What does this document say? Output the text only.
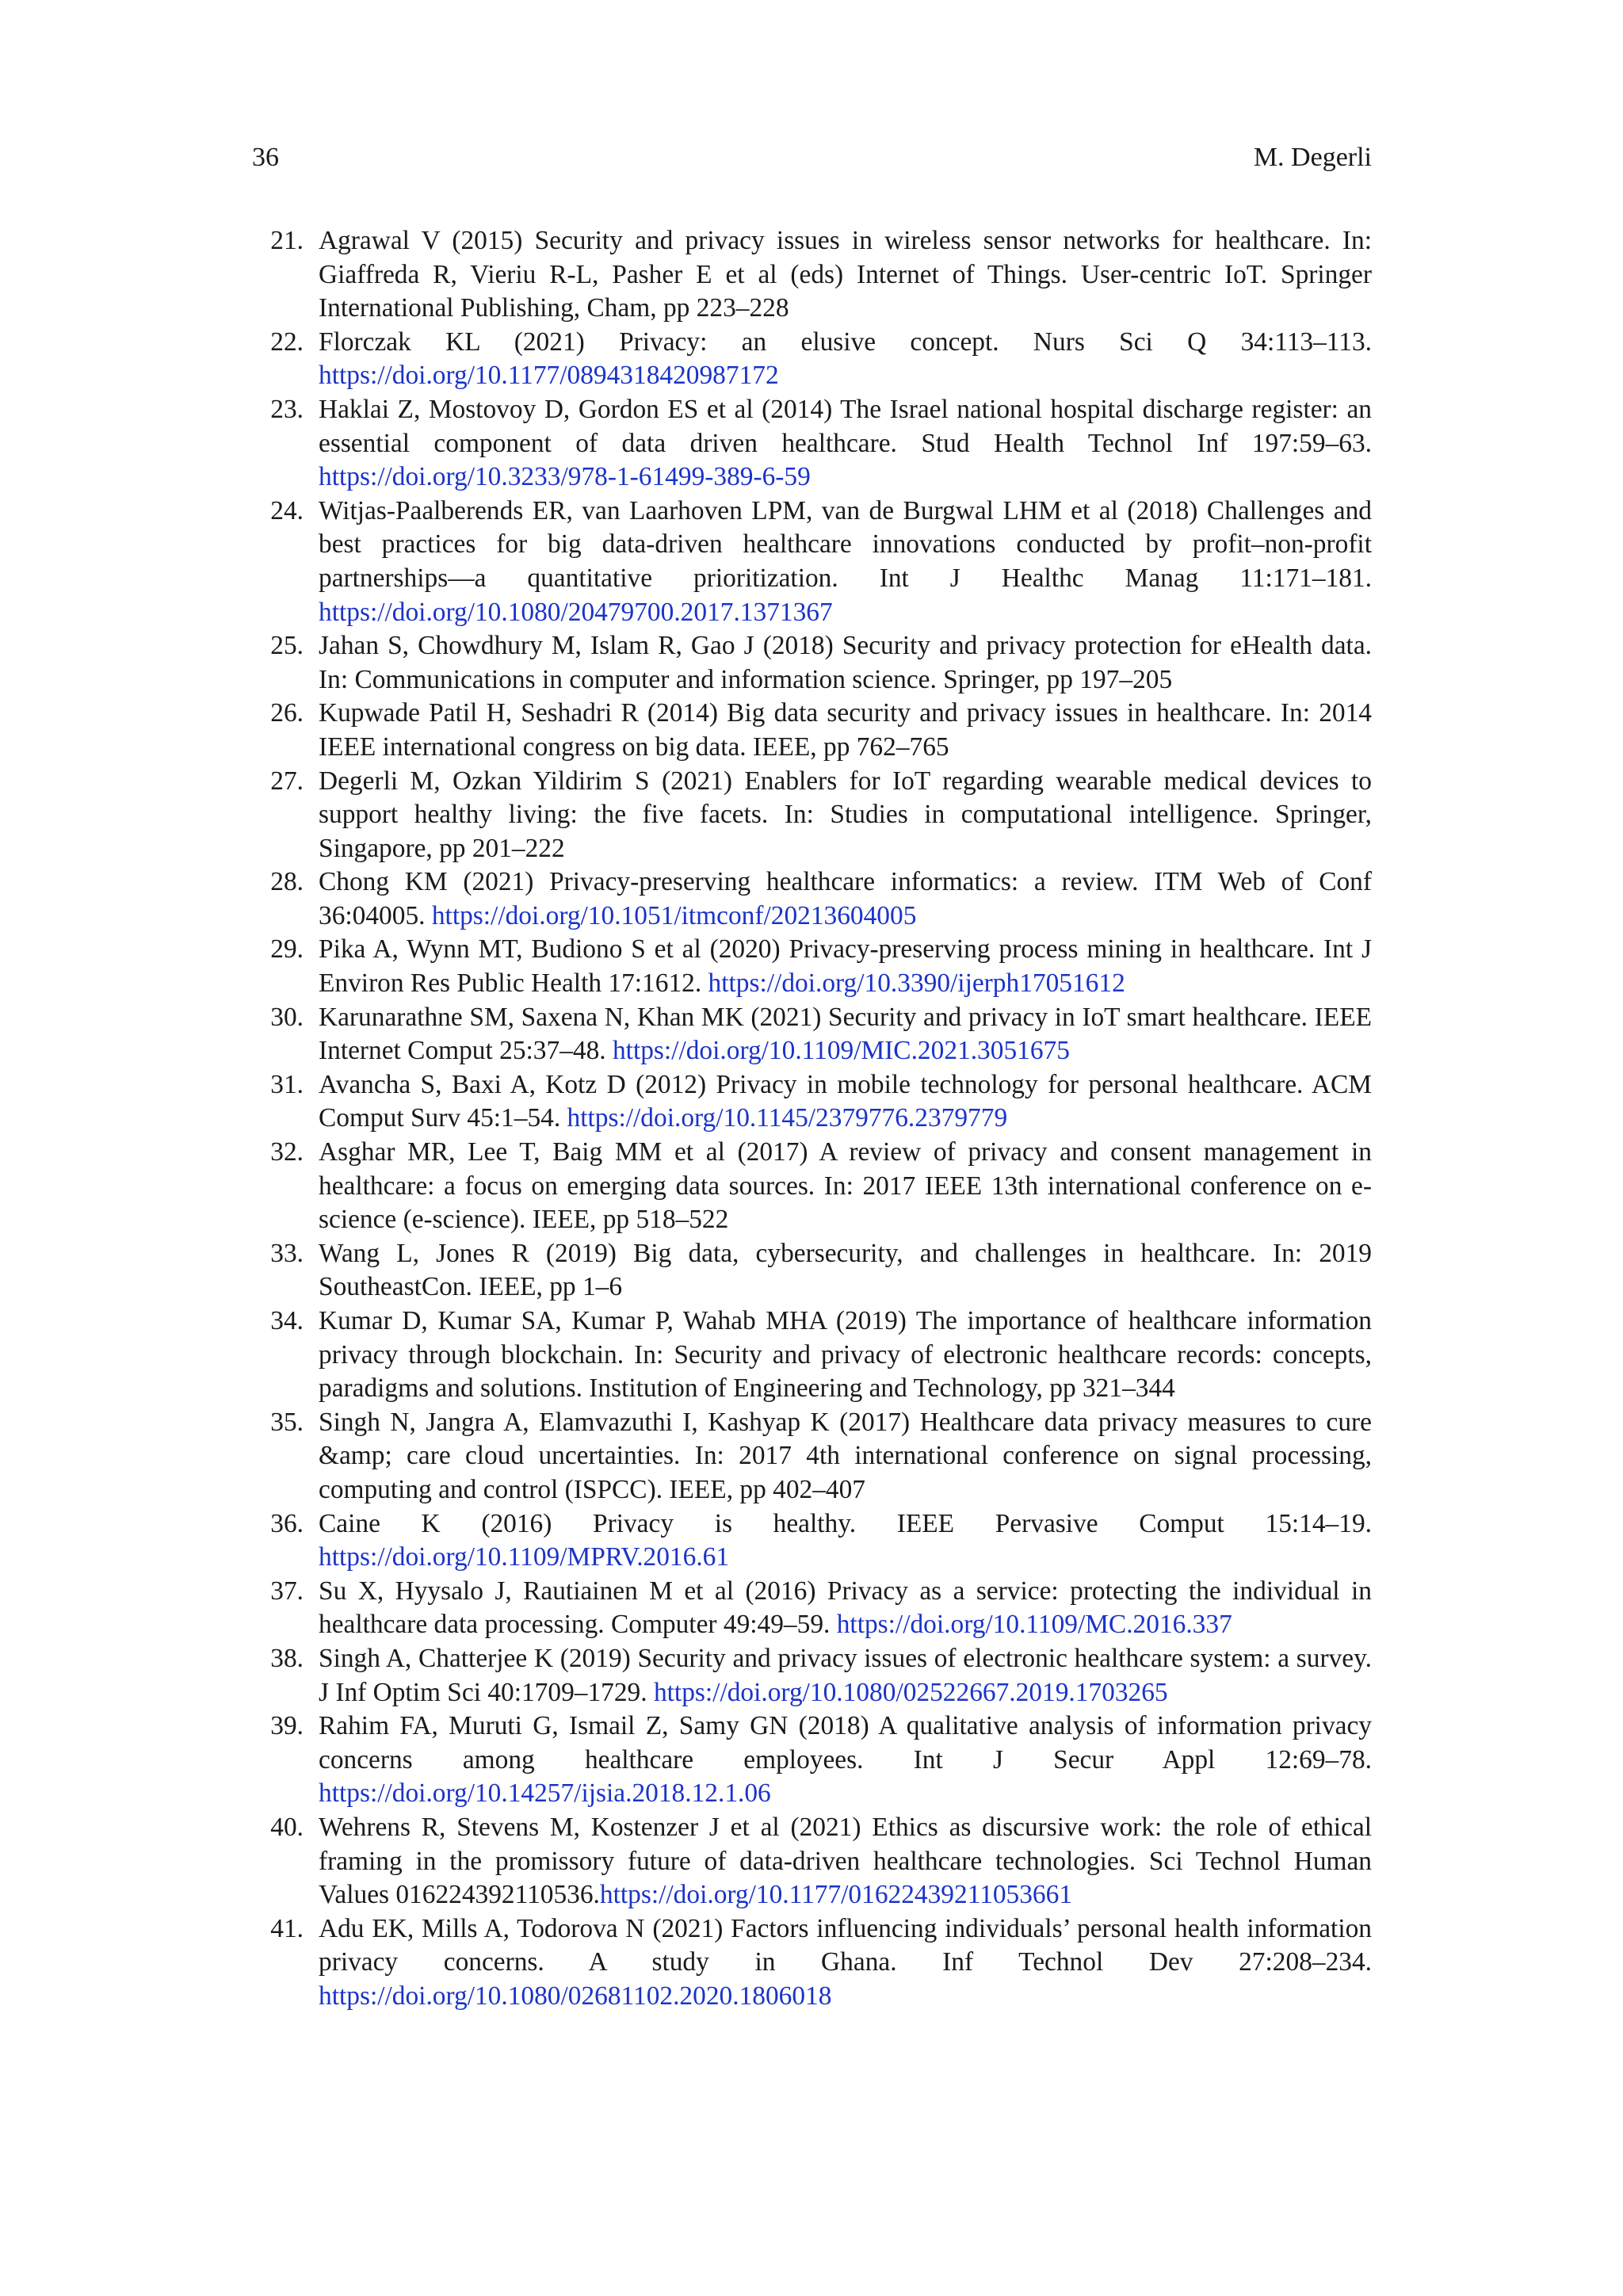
36	M. Degerli
21. Agrawal V (2015) Security and privacy issues in wireless sensor networks for healthcare. In: Giaffreda R, Vieriu R-L, Pasher E et al (eds) Internet of Things. User-centric IoT. Springer International Publishing, Cham, pp 223–228
22. Florczak KL (2021) Privacy: an elusive concept. Nurs Sci Q 34:113–113. https://doi.org/10.1177/0894318420987172
23. Haklai Z, Mostovoy D, Gordon ES et al (2014) The Israel national hospital discharge register: an essential component of data driven healthcare. Stud Health Technol Inf 197:59–63. https://doi.org/10.3233/978-1-61499-389-6-59
24. Witjas-Paalberends ER, van Laarhoven LPM, van de Burgwal LHM et al (2018) Challenges and best practices for big data-driven healthcare innovations conducted by profit–non-profit partnerships—a quantitative prioritization. Int J Healthc Manag 11:171–181. https://doi.org/10.1080/20479700.2017.1371367
25. Jahan S, Chowdhury M, Islam R, Gao J (2018) Security and privacy protection for eHealth data. In: Communications in computer and information science. Springer, pp 197–205
26. Kupwade Patil H, Seshadri R (2014) Big data security and privacy issues in healthcare. In: 2014 IEEE international congress on big data. IEEE, pp 762–765
27. Degerli M, Ozkan Yildirim S (2021) Enablers for IoT regarding wearable medical devices to support healthy living: the five facets. In: Studies in computational intelligence. Springer, Singapore, pp 201–222
28. Chong KM (2021) Privacy-preserving healthcare informatics: a review. ITM Web of Conf 36:04005. https://doi.org/10.1051/itmconf/20213604005
29. Pika A, Wynn MT, Budiono S et al (2020) Privacy-preserving process mining in healthcare. Int J Environ Res Public Health 17:1612. https://doi.org/10.3390/ijerph17051612
30. Karunarathne SM, Saxena N, Khan MK (2021) Security and privacy in IoT smart healthcare. IEEE Internet Comput 25:37–48. https://doi.org/10.1109/MIC.2021.3051675
31. Avancha S, Baxi A, Kotz D (2012) Privacy in mobile technology for personal healthcare. ACM Comput Surv 45:1–54. https://doi.org/10.1145/2379776.2379779
32. Asghar MR, Lee T, Baig MM et al (2017) A review of privacy and consent management in healthcare: a focus on emerging data sources. In: 2017 IEEE 13th international conference on e-science (e-science). IEEE, pp 518–522
33. Wang L, Jones R (2019) Big data, cybersecurity, and challenges in healthcare. In: 2019 SoutheastCon. IEEE, pp 1–6
34. Kumar D, Kumar SA, Kumar P, Wahab MHA (2019) The importance of healthcare information privacy through blockchain. In: Security and privacy of electronic healthcare records: concepts, paradigms and solutions. Institution of Engineering and Technology, pp 321–344
35. Singh N, Jangra A, Elamvazuthi I, Kashyap K (2017) Healthcare data privacy measures to cure &amp; care cloud uncertainties. In: 2017 4th international conference on signal processing, computing and control (ISPCC). IEEE, pp 402–407
36. Caine K (2016) Privacy is healthy. IEEE Pervasive Comput 15:14–19. https://doi.org/10.1109/MPRV.2016.61
37. Su X, Hyysalo J, Rautiainen M et al (2016) Privacy as a service: protecting the individual in healthcare data processing. Computer 49:49–59. https://doi.org/10.1109/MC.2016.337
38. Singh A, Chatterjee K (2019) Security and privacy issues of electronic healthcare system: a survey. J Inf Optim Sci 40:1709–1729. https://doi.org/10.1080/02522667.2019.1703265
39. Rahim FA, Muruti G, Ismail Z, Samy GN (2018) A qualitative analysis of information privacy concerns among healthcare employees. Int J Secur Appl 12:69–78. https://doi.org/10.14257/ijsia.2018.12.1.06
40. Wehrens R, Stevens M, Kostenzer J et al (2021) Ethics as discursive work: the role of ethical framing in the promissory future of data-driven healthcare technologies. Sci Technol Human Values 016224392110536.https://doi.org/10.1177/01622439211053661
41. Adu EK, Mills A, Todorova N (2021) Factors influencing individuals’ personal health information privacy concerns. A study in Ghana. Inf Technol Dev 27:208–234. https://doi.org/10.1080/02681102.2020.1806018
